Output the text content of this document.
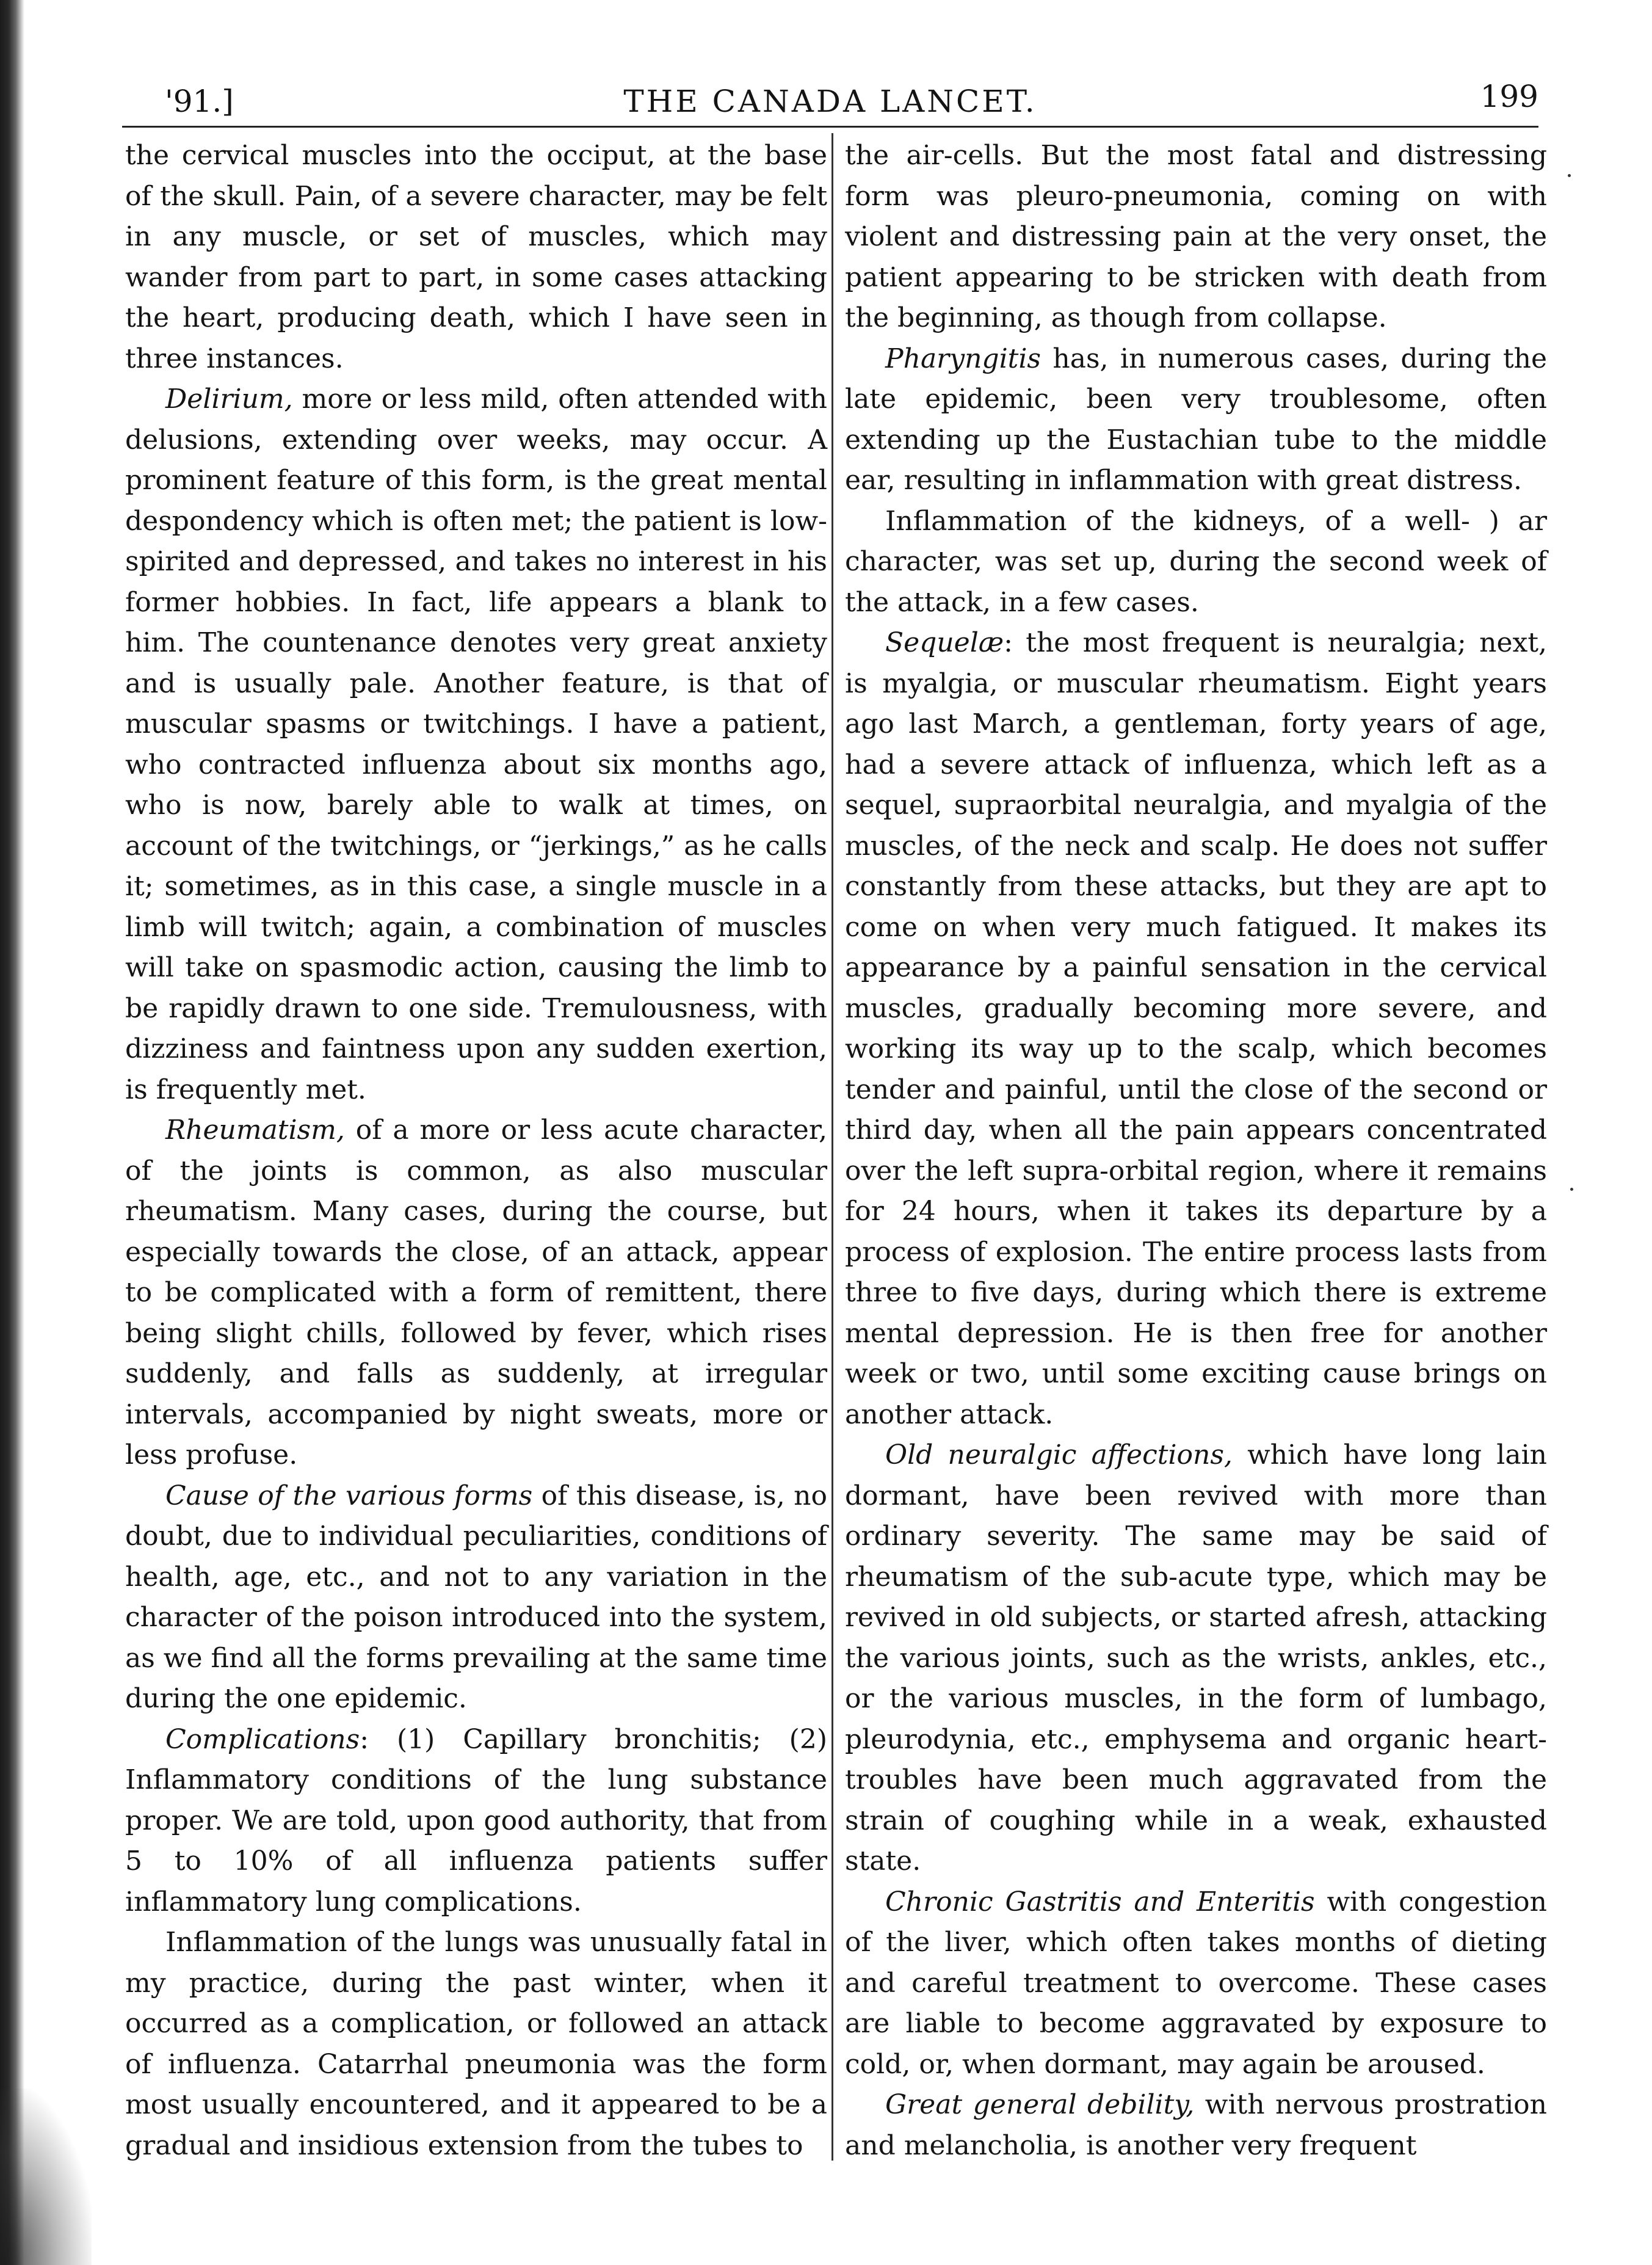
'91.]	THE CANADA LANCET.	199

the cervical muscles into the occiput, at the base of the skull. Pain, of a severe character, may be felt in any muscle, or set of muscles, which may wander from part to part, in some cases attacking the heart, producing death, which I have seen in three instances.

Delirium, more or less mild, often attended with delusions, extending over weeks, may occur. A prominent feature of this form, is the great mental despondency which is often met; the patient is low-spirited and depressed, and takes no interest in his former hobbies. In fact, life appears a blank to him. The countenance denotes very great anxiety and is usually pale. Another feature, is that of muscular spasms or twitchings. I have a patient, who contracted influenza about six months ago, who is now, barely able to walk at times, on account of the twitchings, or “jerkings,” as he calls it; sometimes, as in this case, a single muscle in a limb will twitch; again, a combination of muscles will take on spasmodic action, causing the limb to be rapidly drawn to one side. Tremulousness, with dizziness and faintness upon any sudden exertion, is frequently met.

Rheumatism, of a more or less acute character, of the joints is common, as also muscular rheumatism. Many cases, during the course, but especially towards the close, of an attack, appear to be complicated with a form of remittent, there being slight chills, followed by fever, which rises suddenly, and falls as suddenly, at irregular intervals, accompanied by night sweats, more or less profuse.

Cause of the various forms of this disease, is, no doubt, due to individual peculiarities, conditions of health, age, etc., and not to any variation in the character of the poison introduced into the system, as we find all the forms prevailing at the same time during the one epidemic.

Complications: (1) Capillary bronchitis; (2) Inflammatory conditions of the lung substance proper. We are told, upon good authority, that from 5 to 10% of all influenza patients suffer inflammatory lung complications.

Inflammation of the lungs was unusually fatal in my practice, during the past winter, when it occurred as a complication, or followed an attack of influenza. Catarrhal pneumonia was the form most usually encountered, and it appeared to be a gradual and insidious extension from the tubes to

the air-cells. But the most fatal and distressing form was pleuro-pneumonia, coming on with violent and distressing pain at the very onset, the patient appearing to be stricken with death from the beginning, as though from collapse.

Pharyngitis has, in numerous cases, during the late epidemic, been very troublesome, often extending up the Eustachian tube to the middle ear, resulting in inflammation with great distress.

Inflammation of the kidneys, of a well- ) ar character, was set up, during the second week of the attack, in a few cases.

Sequelæ: the most frequent is neuralgia; next, is myalgia, or muscular rheumatism. Eight years ago last March, a gentleman, forty years of age, had a severe attack of influenza, which left as a sequel, supraorbital neuralgia, and myalgia of the muscles, of the neck and scalp. He does not suffer constantly from these attacks, but they are apt to come on when very much fatigued. It makes its appearance by a painful sensation in the cervical muscles, gradually becoming more severe, and working its way up to the scalp, which becomes tender and painful, until the close of the second or third day, when all the pain appears concentrated over the left supra-orbital region, where it remains for 24 hours, when it takes its departure by a process of explosion. The entire process lasts from three to five days, during which there is extreme mental depression. He is then free for another week or two, until some exciting cause brings on another attack.

Old neuralgic affections, which have long lain dormant, have been revived with more than ordinary severity. The same may be said of rheumatism of the sub-acute type, which may be revived in old subjects, or started afresh, attacking the various joints, such as the wrists, ankles, etc., or the various muscles, in the form of lumbago, pleurodynia, etc., emphysema and organic heart-troubles have been much aggravated from the strain of coughing while in a weak, exhausted state.

Chronic Gastritis and Enteritis with congestion of the liver, which often takes months of dieting and careful treatment to overcome. These cases are liable to become aggravated by exposure to cold, or, when dormant, may again be aroused.

Great general debility, with nervous prostration and melancholia, is another very frequent
